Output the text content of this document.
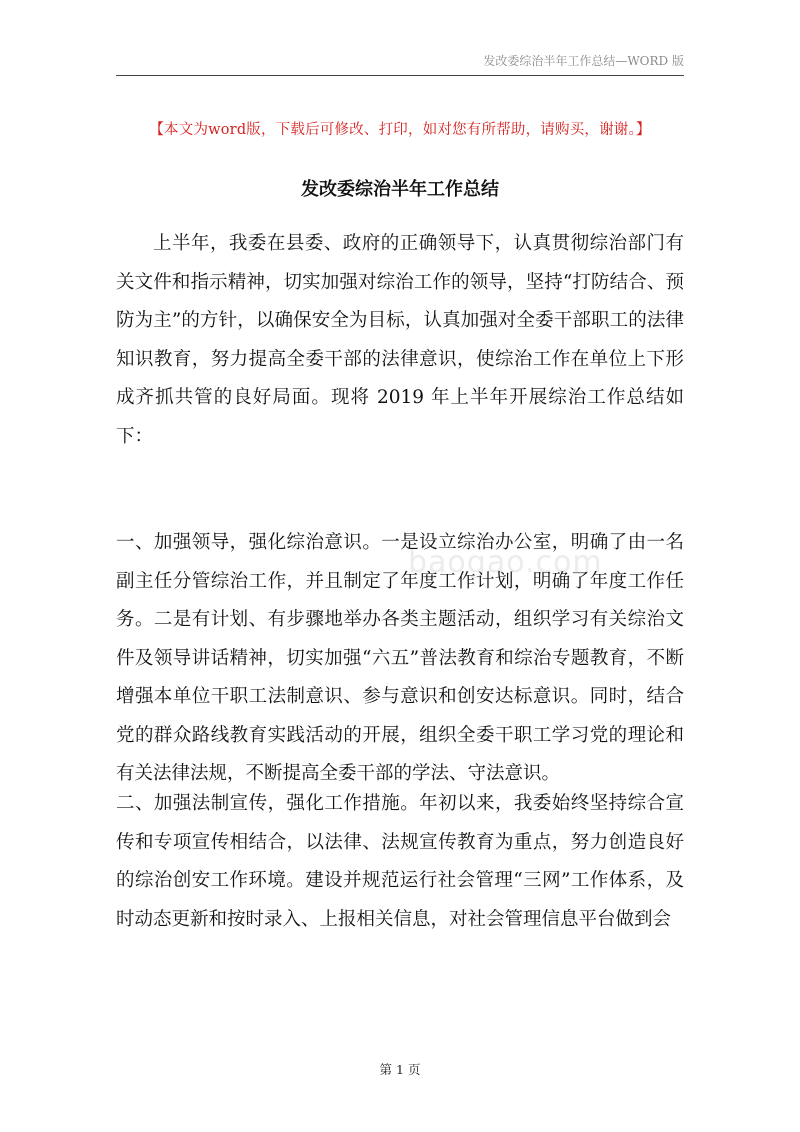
发改委综治半年工作总结—WORD 版
【本文为word版，下载后可修改、打印，如对您有所帮助，请购买，谢谢。】
发改委综治半年工作总结

上半年，我委在县委、政府的正确领导下，认真贯彻综治部门有关文件和指示精神，切实加强对综治工作的领导，坚持“打防结合、预防为主”的方针，以确保安全为目标，认真加强对全委干部职工的法律知识教育，努力提高全委干部的法律意识，使综治工作在单位上下形成齐抓共管的良好局面。现将 2019 年上半年开展综治工作总结如下：

baogao.com

一、加强领导，强化综治意识。一是设立综治办公室，明确了由一名副主任分管综治工作，并且制定了年度工作计划，明确了年度工作任务。二是有计划、有步骤地举办各类主题活动，组织学习有关综治文件及领导讲话精神，切实加强“六五”普法教育和综治专题教育，不断增强本单位干职工法制意识、参与意识和创安达标意识。同时，结合党的群众路线教育实践活动的开展，组织全委干职工学习党的理论和有关法律法规，不断提高全委干部的学法、守法意识。

二、加强法制宣传，强化工作措施。年初以来，我委始终坚持综合宣传和专项宣传相结合，以法律、法规宣传教育为重点，努力创造良好的综治创安工作环境。建设并规范运行社会管理“三网”工作体系，及时动态更新和按时录入、上报相关信息，对社会管理信息平台做到会

第 1 页
